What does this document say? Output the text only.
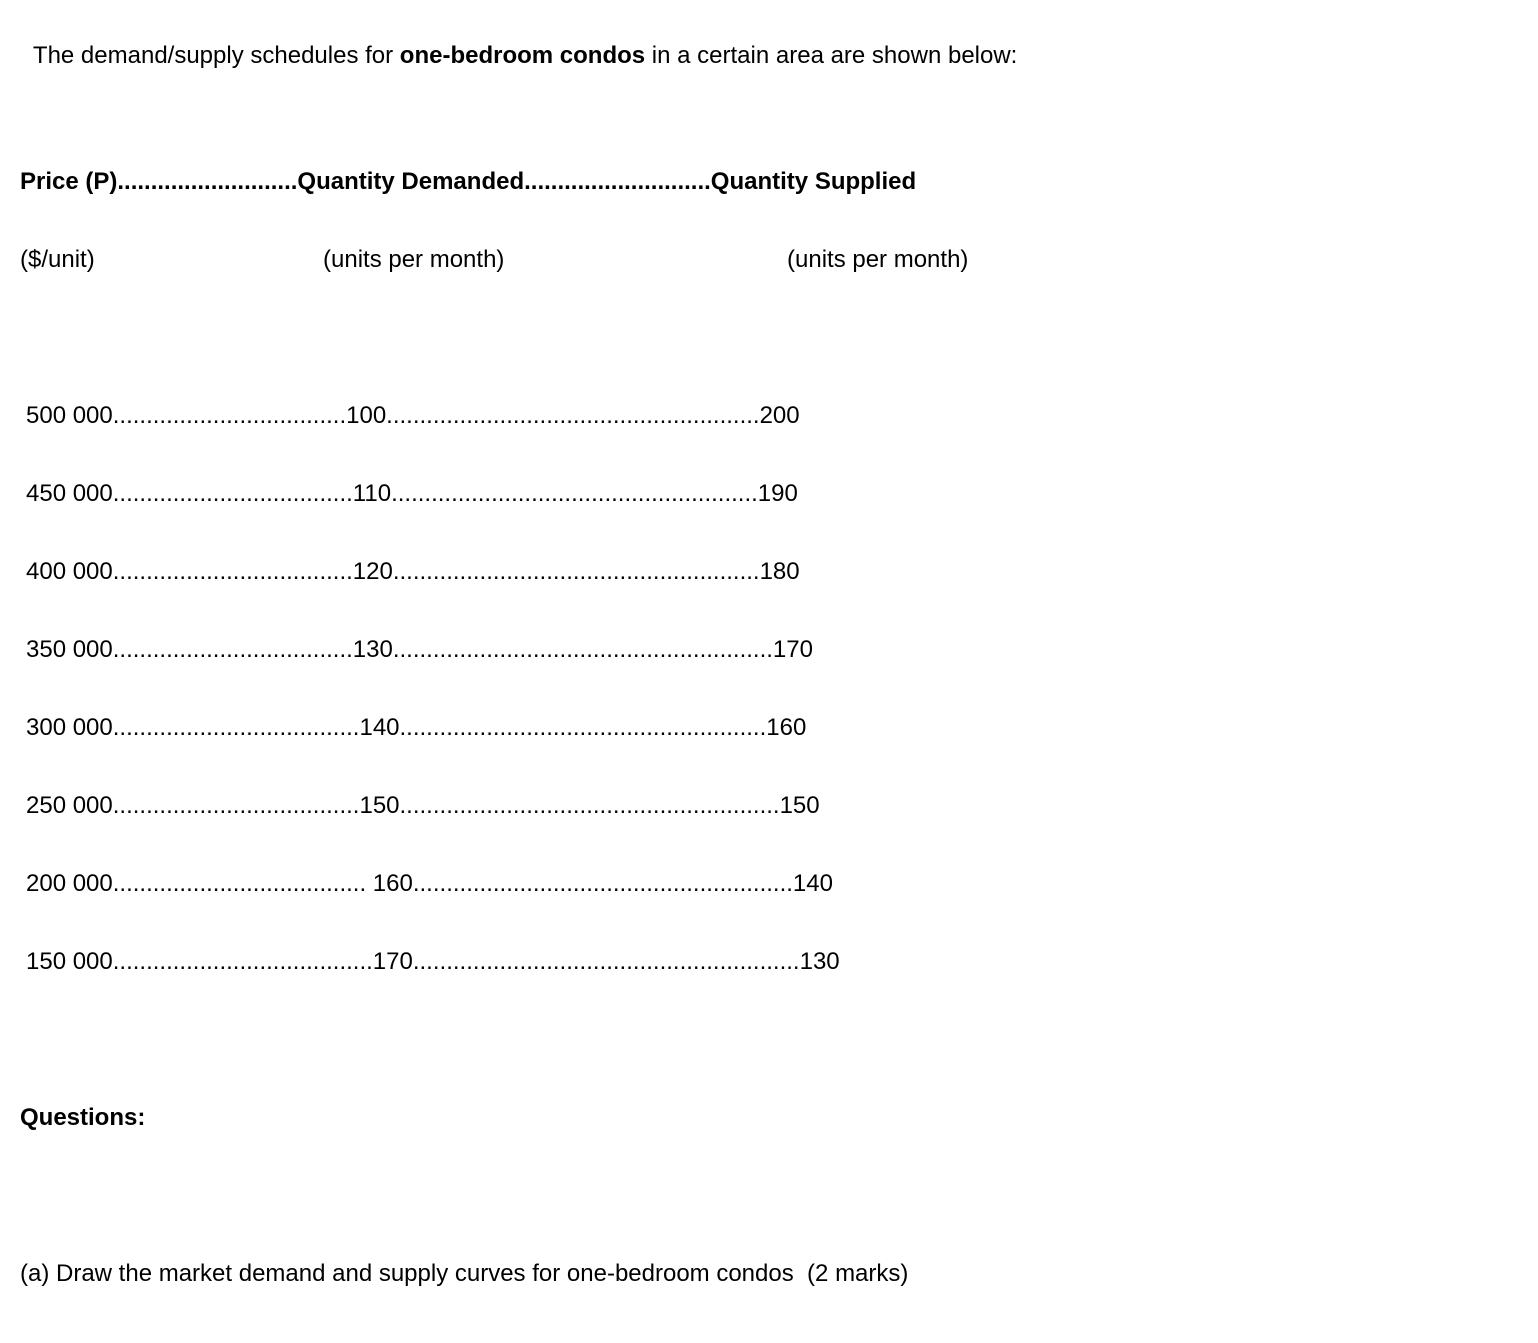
The demand/supply schedules for one-bedroom condos in a certain area are shown below:

Price (P)...........................Quantity Demanded............................Quantity Supplied
($/unit)	(units per month)	(units per month)
500 000...................................100........................................................200
450 000....................................110.......................................................190
400 000....................................120.......................................................180
350 000....................................130.........................................................170
300 000.....................................140.......................................................160
250 000.....................................150.........................................................150
200 000...................................... 160.........................................................140
150 000.......................................170..........................................................130
Questions:
(a) Draw the market demand and supply curves for one-bedroom condos  (2 marks)
